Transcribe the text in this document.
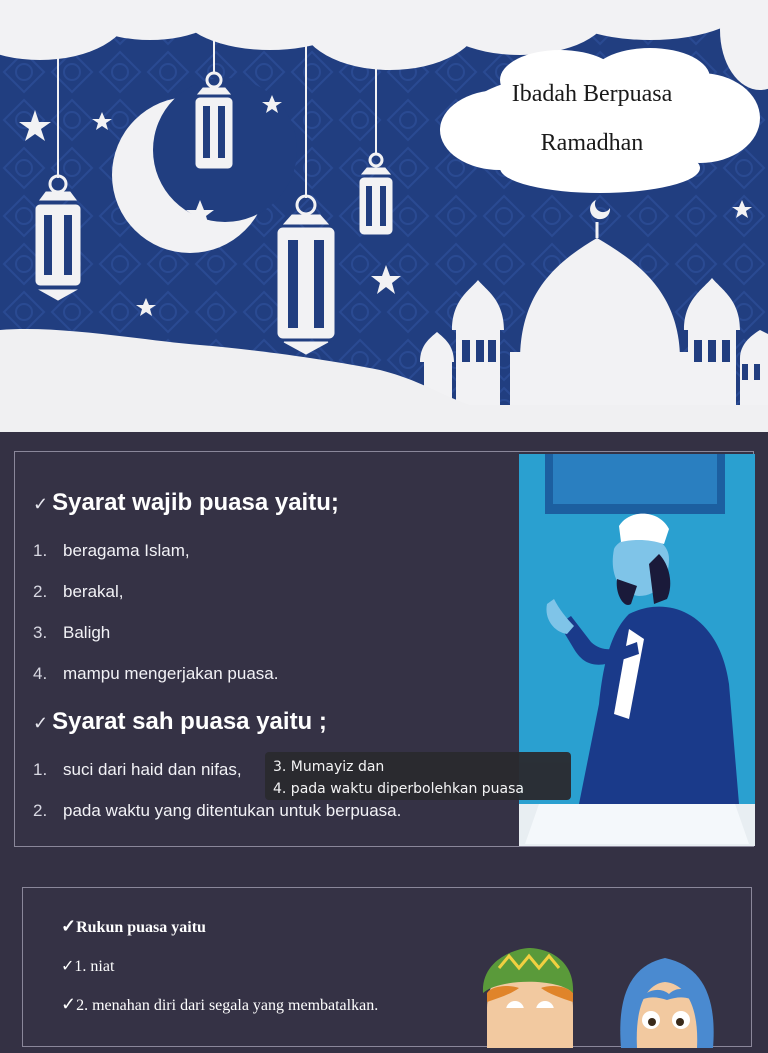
Ibadah Berpuasa
Ramadhan
✓ Syarat wajib puasa yaitu;
1. beragama Islam,
2. berakal,
3. Baligh
4. mampu mengerjakan puasa.
✓ Syarat sah puasa yaitu ;
1. suci dari haid dan nifas,
2. pada waktu yang ditentukan untuk berpuasa.
3. Mumayiz dan
4. pada waktu diperbolehkan puasa
✓Rukun puasa yaitu
✓1. niat
✓2. menahan diri dari segala yang membatalkan.
